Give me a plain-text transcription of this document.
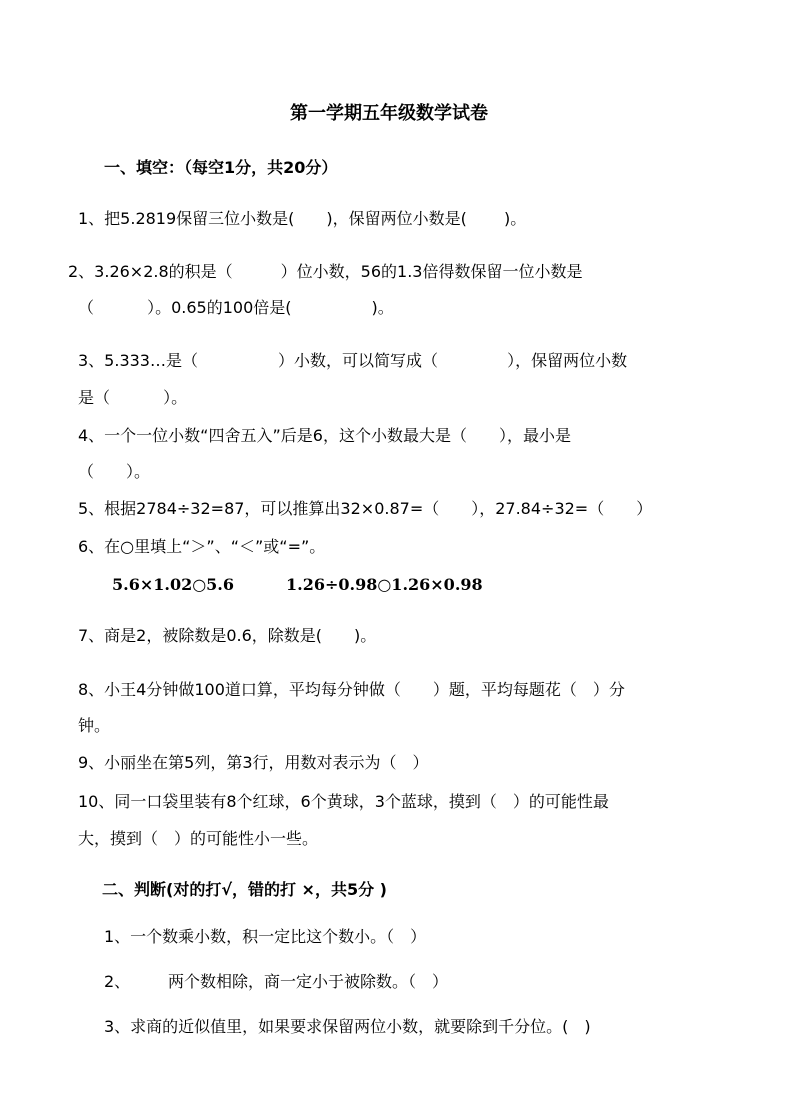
第一学期五年级数学试卷
一、填空：（每空1分，共20分）
1、把5.2819保留三位小数是(　　)，保留两位小数是(　　 )。
2、3.26×2.8的积是（　　　）位小数，56的1.3倍得数保留一位小数是
（　　　 ）。0.65的100倍是(　　　　　)。
3、5.333…是（　　　　　）小数，可以简写成（　　　　 ），保留两位小数
是（　　　 ）。
4、一个一位小数“四舍五入”后是6，这个小数最大是（　　），最小是
（　　）。
5、根据2784÷32=87，可以推算出32×0.87=（　　），27.84÷32=（　　）
6、在○里填上“＞”、“＜”或“=”。
5.6×1.02○5.6	1.26÷0.98○1.26×0.98
7、商是2，被除数是0.6，除数是(　　)。
8、小王4分钟做100道口算，平均每分钟做（　　）题，平均每题花（　）分
钟。
9、小丽坐在第5列，第3行，用数对表示为（　）
10、同一口袋里装有8个红球，6个黄球，3个蓝球，摸到（　）的可能性最
大，摸到（　）的可能性小一些。
二、判断(对的打√，错的打 ×，共5分 )
1、一个数乘小数，积一定比这个数小。（　）
2、 两个数相除，商一定小于被除数。（　）
3、求商的近似值里，如果要求保留两位小数，就要除到千分位。(　)
